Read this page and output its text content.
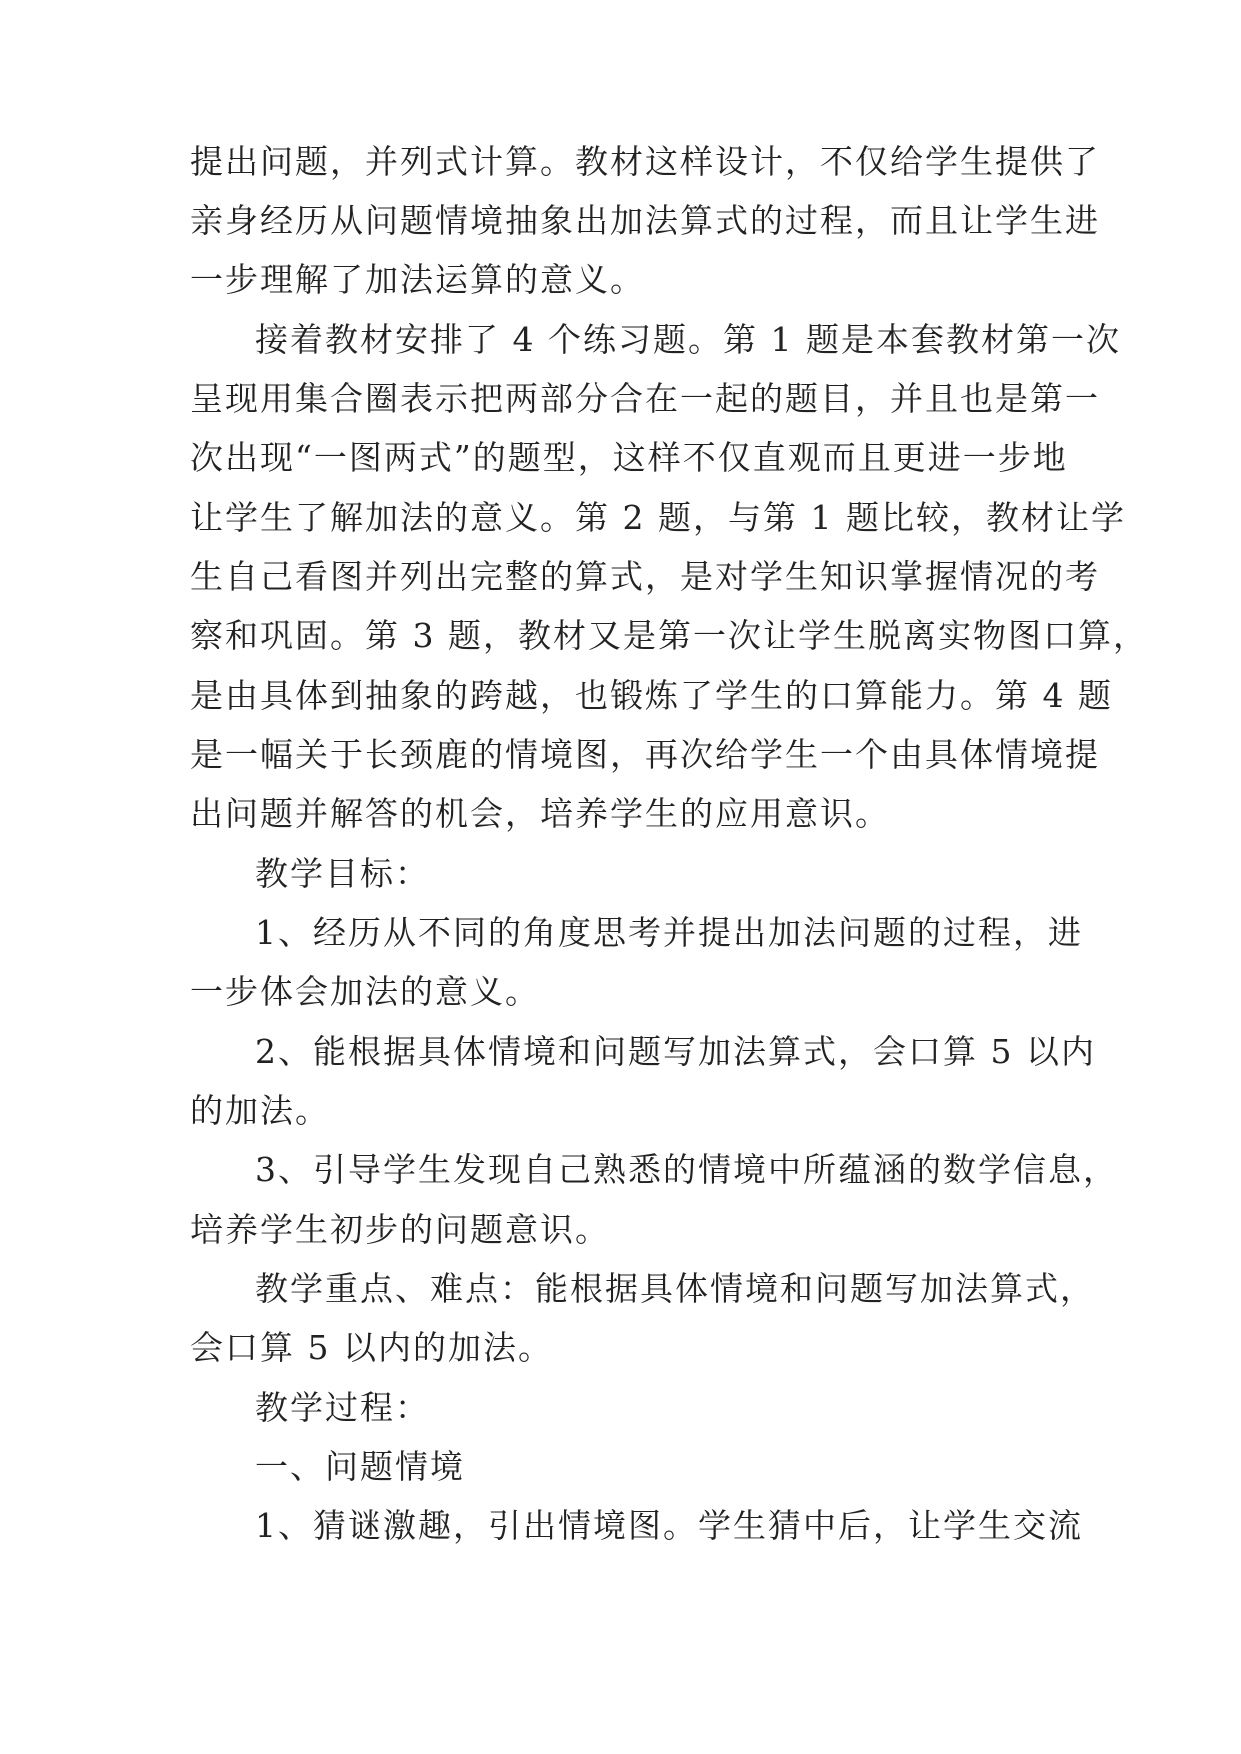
提出问题，并列式计算。教材这样设计，不仅给学生提供了
亲身经历从问题情境抽象出加法算式的过程，而且让学生进
一步理解了加法运算的意义。
接着教材安排了 4 个练习题。第 1 题是本套教材第一次
呈现用集合圈表示把两部分合在一起的题目，并且也是第一
次出现“一图两式”的题型，这样不仅直观而且更进一步地
让学生了解加法的意义。第 2 题，与第 1 题比较，教材让学
生自己看图并列出完整的算式，是对学生知识掌握情况的考
察和巩固。第 3 题，教材又是第一次让学生脱离实物图口算，
是由具体到抽象的跨越，也锻炼了学生的口算能力。第 4 题
是一幅关于长颈鹿的情境图，再次给学生一个由具体情境提
出问题并解答的机会，培养学生的应用意识。
教学目标：
1、经历从不同的角度思考并提出加法问题的过程，进
一步体会加法的意义。
2、能根据具体情境和问题写加法算式，会口算 5 以内
的加法。
3、引导学生发现自己熟悉的情境中所蕴涵的数学信息，
培养学生初步的问题意识。
教学重点、难点：能根据具体情境和问题写加法算式，
会口算 5 以内的加法。
教学过程：
一、问题情境
1、猜谜激趣，引出情境图。学生猜中后，让学生交流
